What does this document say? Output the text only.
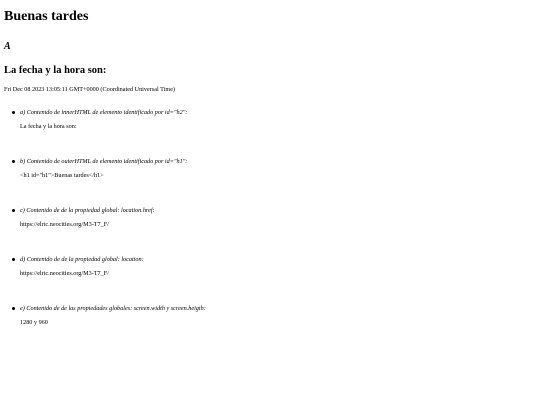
Buenas tardes
A
La fecha y la hora son:

Fri Dec 08 2023 13:05:11 GMT+0000 (Coordinated Universal Time)

a) Contenido de innerHTML de elemento identificado por id="h2":
La fecha y la hora son:
b) Contenido de outerHTML de elemento identificado por id="h1":
<h1 id="h1">Buenas tardes</h1>
c) Contenido de de la propiedad global: location.href:
https://elric.neocities.org/M3-T7_F/
d) Contenido de de la propiedad global: location:
https://elric.neocities.org/M3-T7_F/
e) Contenido de de las propiedades globales: screen.width y screen.heigth:
1280 y 960
